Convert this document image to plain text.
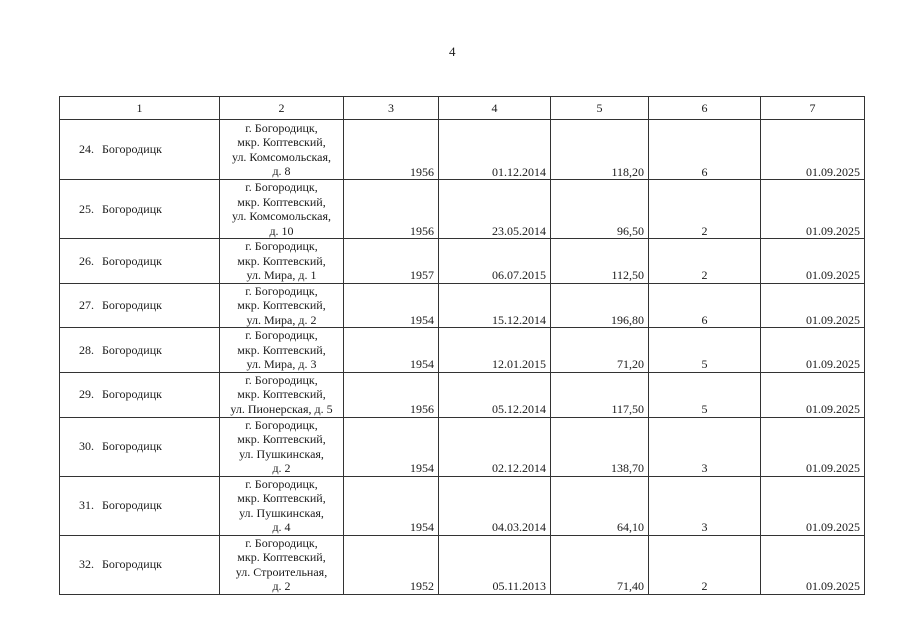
4
1	2	3	4	5	6	7
24. Богородицк	г. Богородицк,
мкр. Коптевский,
ул. Комсомольская,
д. 8	1956	01.12.2014	118,20	6	01.09.2025
25. Богородицк	г. Богородицк,
мкр. Коптевский,
ул. Комсомольская,
д. 10	1956	23.05.2014	96,50	2	01.09.2025
26. Богородицк	г. Богородицк,
мкр. Коптевский,
ул. Мира, д. 1	1957	06.07.2015	112,50	2	01.09.2025
27. Богородицк	г. Богородицк,
мкр. Коптевский,
ул. Мира, д. 2	1954	15.12.2014	196,80	6	01.09.2025
28. Богородицк	г. Богородицк,
мкр. Коптевский,
ул. Мира, д. 3	1954	12.01.2015	71,20	5	01.09.2025
29. Богородицк	г. Богородицк,
мкр. Коптевский,
ул. Пионерская, д. 5	1956	05.12.2014	117,50	5	01.09.2025
30. Богородицк	г. Богородицк,
мкр. Коптевский,
ул. Пушкинская,
д. 2	1954	02.12.2014	138,70	3	01.09.2025
31. Богородицк	г. Богородицк,
мкр. Коптевский,
ул. Пушкинская,
д. 4	1954	04.03.2014	64,10	3	01.09.2025
32. Богородицк	г. Богородицк,
мкр. Коптевский,
ул. Строительная,
д. 2	1952	05.11.2013	71,40	2	01.09.2025
